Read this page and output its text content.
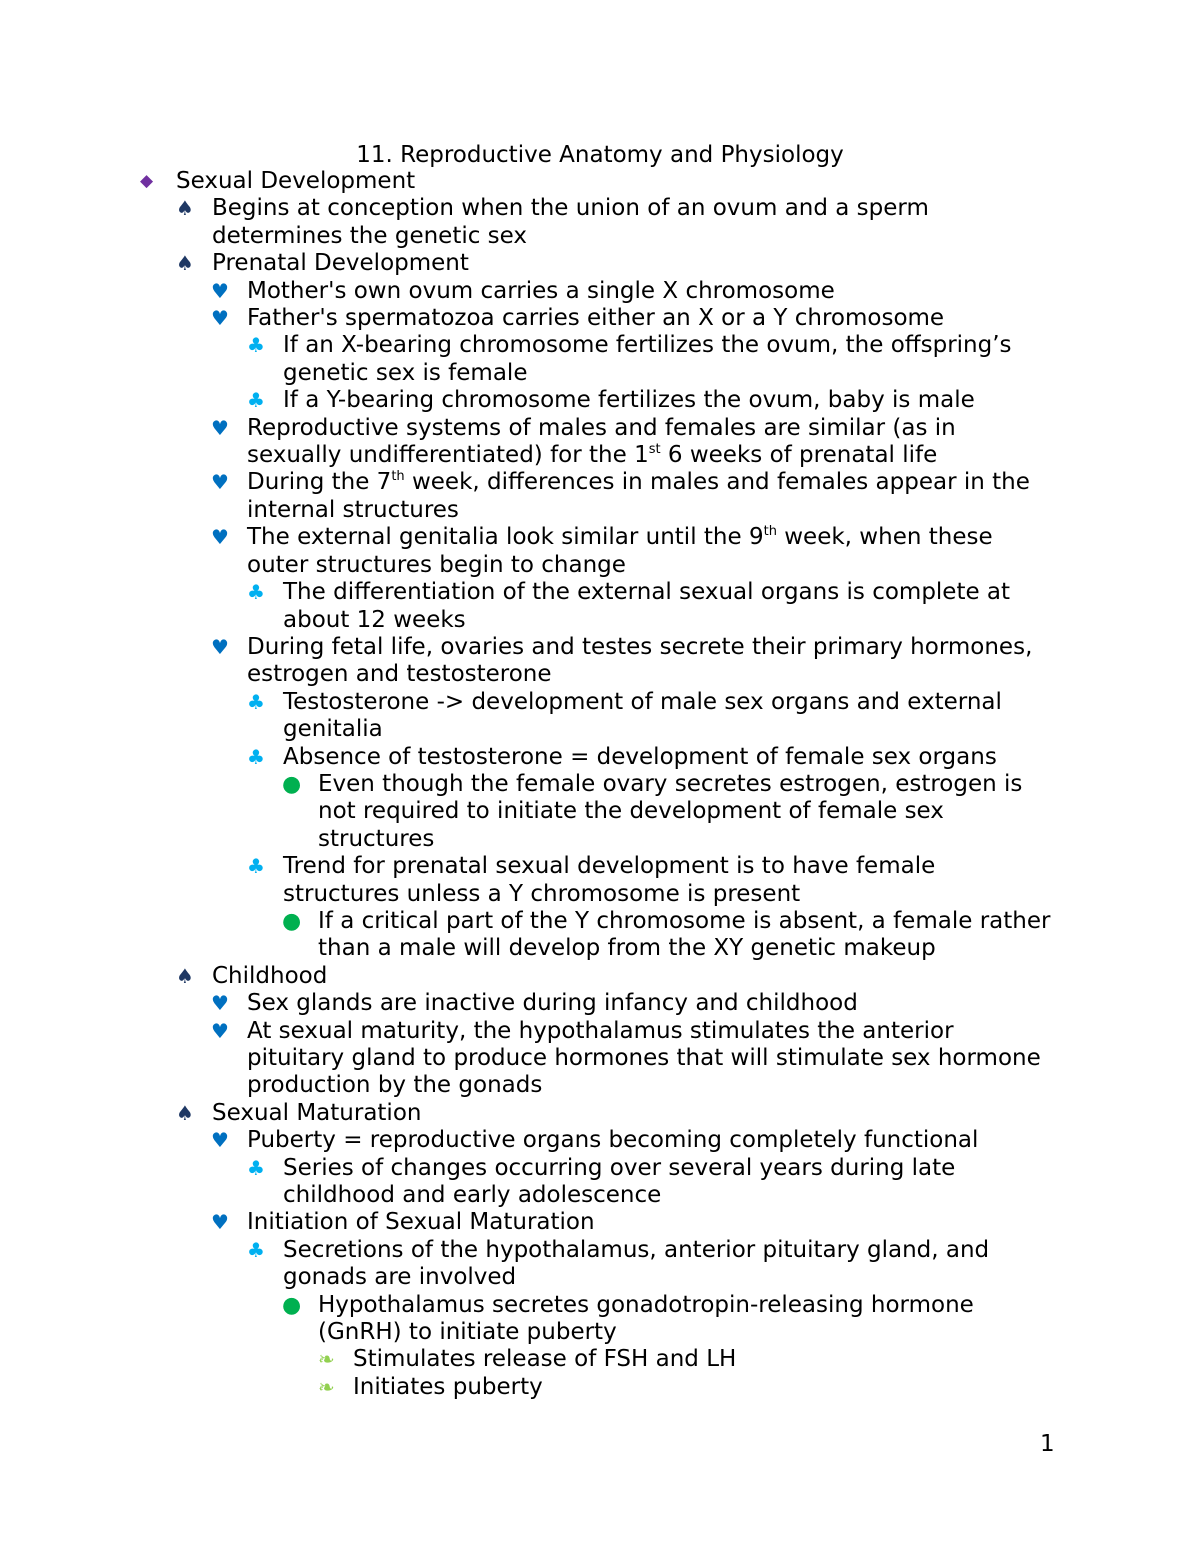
11. Reproductive Anatomy and Physiology
◆ Sexual Development
♠ Begins at conception when the union of an ovum and a sperm determines the genetic sex
♠ Prenatal Development
♥ Mother's own ovum carries a single X chromosome
♥ Father's spermatozoa carries either an X or a Y chromosome
♣ If an X-bearing chromosome fertilizes the ovum, the offspring’s genetic sex is female
♣ If a Y-bearing chromosome fertilizes the ovum, baby is male
♥ Reproductive systems of males and females are similar (as in sexually undifferentiated) for the 1st 6 weeks of prenatal life
♥ During the 7th week, differences in males and females appear in the internal structures
♥ The external genitalia look similar until the 9th week, when these outer structures begin to change
♣ The differentiation of the external sexual organs is complete at about 12 weeks
♥ During fetal life, ovaries and testes secrete their primary hormones, estrogen and testosterone
♣ Testosterone -> development of male sex organs and external genitalia
♣ Absence of testosterone = development of female sex organs
● Even though the female ovary secretes estrogen, estrogen is not required to initiate the development of female sex structures
♣ Trend for prenatal sexual development is to have female structures unless a Y chromosome is present
● If a critical part of the Y chromosome is absent, a female rather than a male will develop from the XY genetic makeup
♠ Childhood
♥ Sex glands are inactive during infancy and childhood
♥ At sexual maturity, the hypothalamus stimulates the anterior pituitary gland to produce hormones that will stimulate sex hormone production by the gonads
♠ Sexual Maturation
♥ Puberty = reproductive organs becoming completely functional
♣ Series of changes occurring over several years during late childhood and early adolescence
♥ Initiation of Sexual Maturation
♣ Secretions of the hypothalamus, anterior pituitary gland, and gonads are involved
● Hypothalamus secretes gonadotropin-releasing hormone (GnRH) to initiate puberty
❧ Stimulates release of FSH and LH
❧ Initiates puberty
1
